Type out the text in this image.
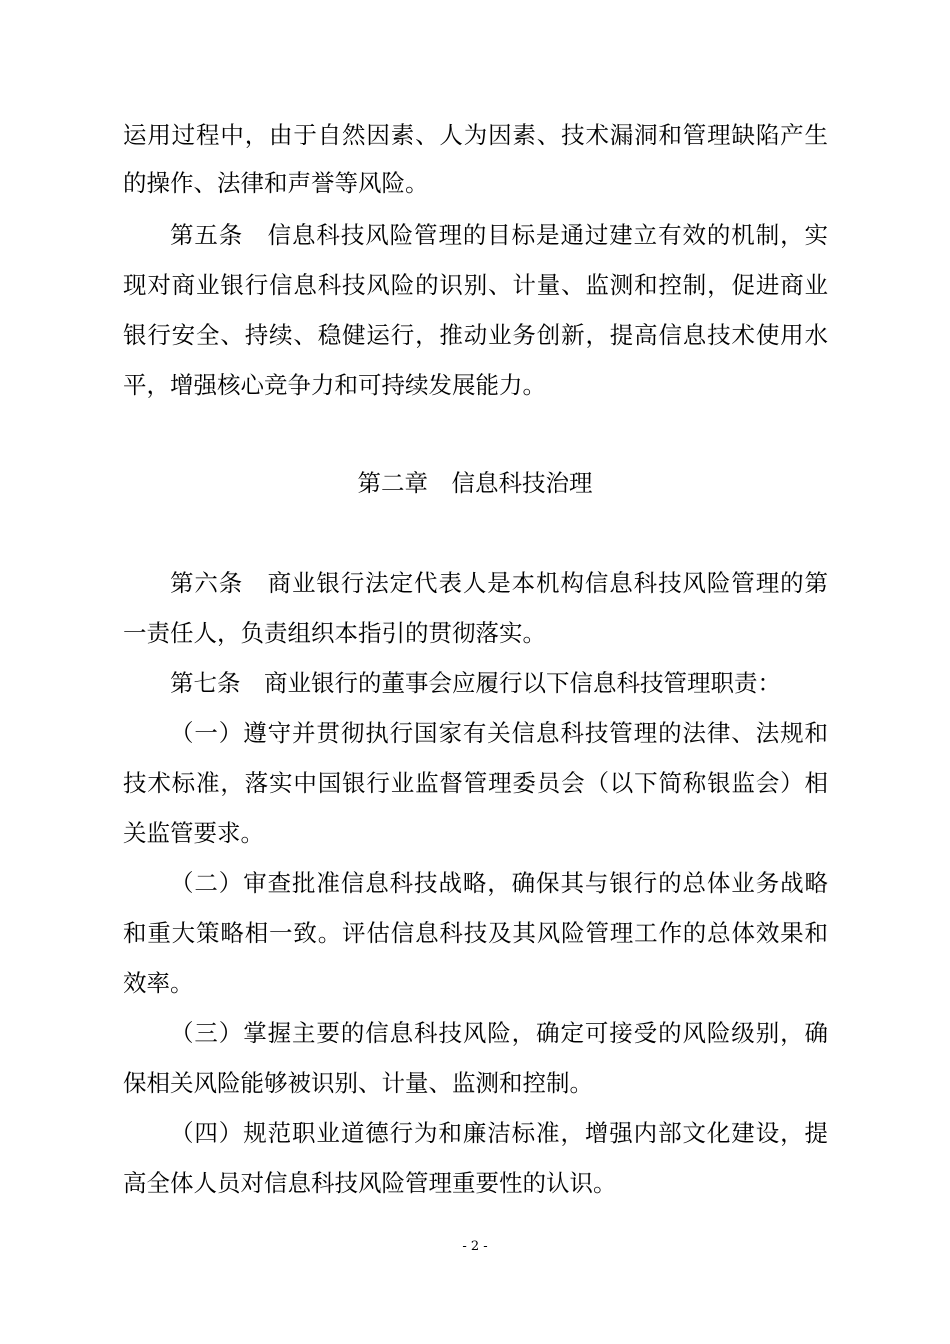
运用过程中，由于自然因素、人为因素、技术漏洞和管理缺陷产生
的操作、法律和声誉等风险。
第五条　信息科技风险管理的目标是通过建立有效的机制，实
现对商业银行信息科技风险的识别、计量、监测和控制，促进商业
银行安全、持续、稳健运行，推动业务创新，提高信息技术使用水
平，增强核心竞争力和可持续发展能力。
第二章　信息科技治理
第六条　商业银行法定代表人是本机构信息科技风险管理的第
一责任人，负责组织本指引的贯彻落实。
第七条　商业银行的董事会应履行以下信息科技管理职责：
（一）遵守并贯彻执行国家有关信息科技管理的法律、法规和
技术标准，落实中国银行业监督管理委员会（以下简称银监会）相
关监管要求。
（二）审查批准信息科技战略，确保其与银行的总体业务战略
和重大策略相一致。评估信息科技及其风险管理工作的总体效果和
效率。
（三）掌握主要的信息科技风险，确定可接受的风险级别，确
保相关风险能够被识别、计量、监测和控制。
（四）规范职业道德行为和廉洁标准，增强内部文化建设，提
高全体人员对信息科技风险管理重要性的认识。
- 2 -
